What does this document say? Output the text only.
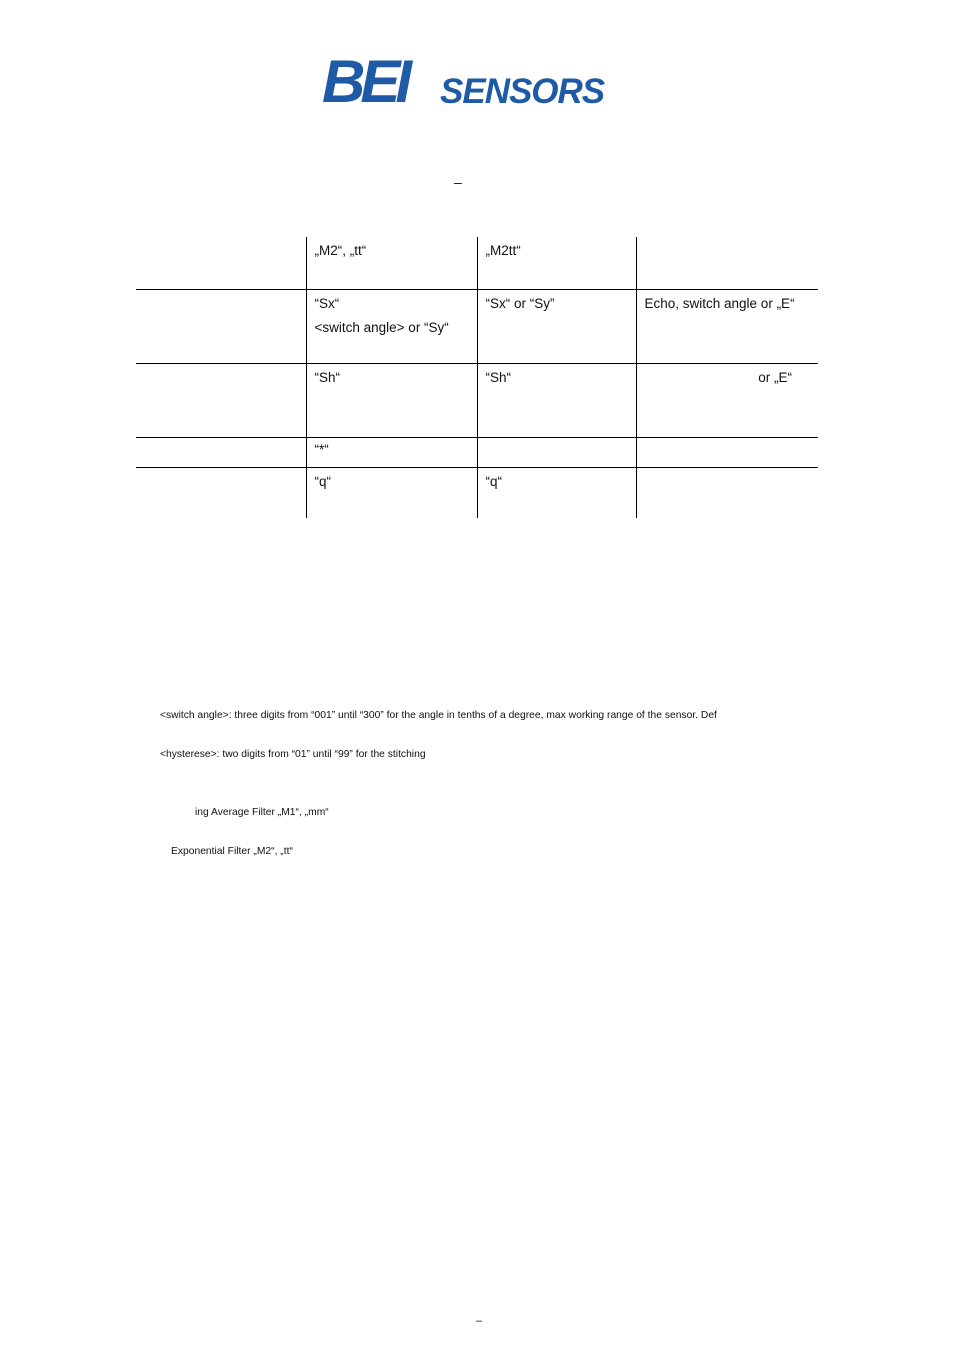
BEI SENSORS
–

	„M2“, „tt“	„M2tt“	

	“Sx“
<switch angle> or “Sy“	“Sx“ or “Sy”	Echo, switch angle or „E“

	“Sh“	“Sh“	or „E“

	“*“		

	“q“	“q“	
<switch angle>: three digits from “001” until “300” for the angle in tenths of a degree, max working range of the sensor. Def
<hysterese>: two digits from “01” until “99” for the stitching
ing Average Filter „M1“, „mm“
Exponential Filter „M2“, „tt“
–
